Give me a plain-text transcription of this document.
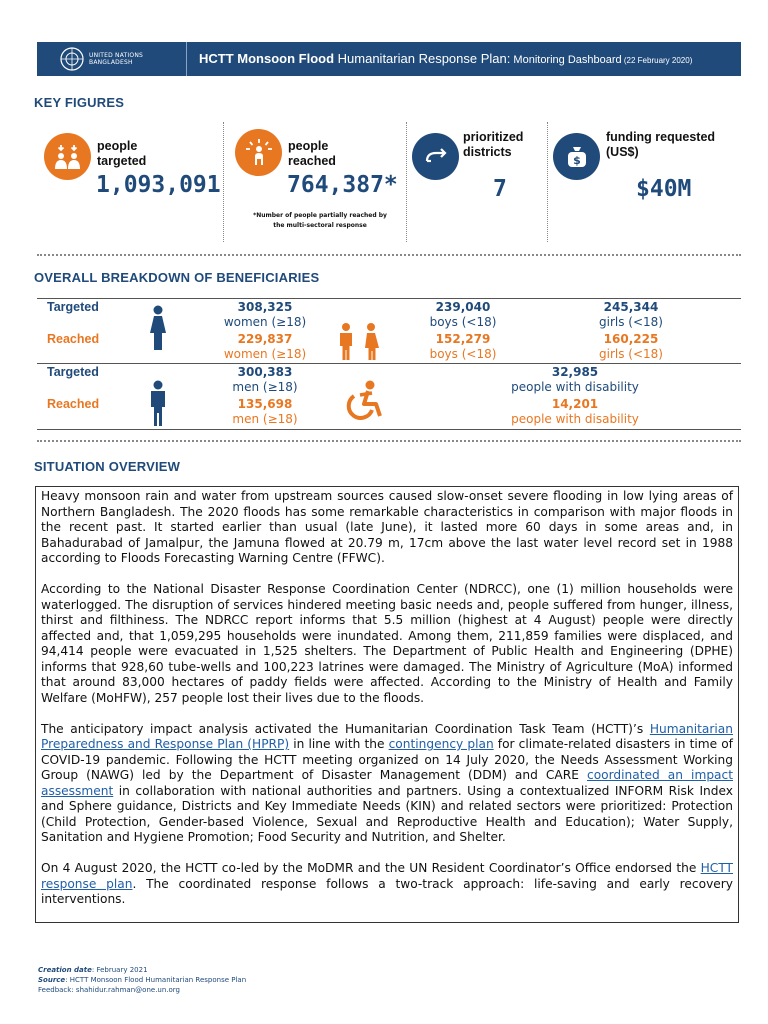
UNITED NATIONS
BANGLADESH	HCTT Monsoon Flood Humanitarian Response Plan: Monitoring Dashboard (22 February 2020)
KEY FIGURES
people
targeted
1,093,091
people
reached
764,387*
*Number of people partially reached by
the multi-sectoral response
prioritized
districts
7
$
funding requested
(US$)
$40M
OVERALL BREAKDOWN OF BENEFICIARIES
Targeted
Reached
308,325
women (≥18)
229,837
women (≥18)
239,040
boys (<18)
152,279
boys (<18)
245,344
girls (<18)
160,225
girls (<18)
Targeted
Reached
300,383
men (≥18)
135,698
men (≥18)
32,985
people with disability
14,201
people with disability
SITUATION OVERVIEW

Heavy monsoon rain and water from upstream sources caused slow-onset severe flooding in low lying areas of Northern Bangladesh. The 2020 floods has some remarkable characteristics in comparison with major floods in the recent past. It started earlier than usual (late June), it lasted more 60 days in some areas and, in Bahadurabad of Jamalpur, the Jamuna flowed at 20.79 m, 17cm above the last water level record set in 1988 according to Floods Forecasting Warning Centre (FFWC).

According to the National Disaster Response Coordination Center (NDRCC), one (1) million households were waterlogged. The disruption of services hindered meeting basic needs and, people suffered from hunger, illness, thirst and filthiness. The NDRCC report informs that 5.5 million (highest at 4 August) people were directly affected and, that 1,059,295 households were inundated. Among them, 211,859 families were displaced, and 94,414 people were evacuated in 1,525 shelters. The Department of Public Health and Engineering (DPHE) informs that 928,60 tube-wells and 100,223 latrines were damaged. The Ministry of Agriculture (MoA) informed that around 83,000 hectares of paddy fields were affected. According to the Ministry of Health and Family Welfare (MoHFW), 257 people lost their lives due to the floods.

The anticipatory impact analysis activated the Humanitarian Coordination Task Team (HCTT)’s Humanitarian Preparedness and Response Plan (HPRP) in line with the contingency plan for climate-related disasters in time of COVID-19 pandemic. Following the HCTT meeting organized on 14 July 2020, the Needs Assessment Working Group (NAWG) led by the Department of Disaster Management (DDM) and CARE coordinated an impact assessment in collaboration with national authorities and partners. Using a contextualized INFORM Risk Index and Sphere guidance, Districts and Key Immediate Needs (KIN) and related sectors were prioritized: Protection (Child Protection, Gender-based Violence, Sexual and Reproductive Health and Education); Water Supply, Sanitation and Hygiene Promotion; Food Security and Nutrition, and Shelter.

On 4 August 2020, the HCTT co-led by the MoDMR and the UN Resident Coordinator’s Office endorsed the HCTT response plan. The coordinated response follows a two-track approach: life-saving and early recovery interventions.

Creation date: February 2021
Source: HCTT Monsoon Flood Humanitarian Response Plan
Feedback: shahidur.rahman@one.un.org
